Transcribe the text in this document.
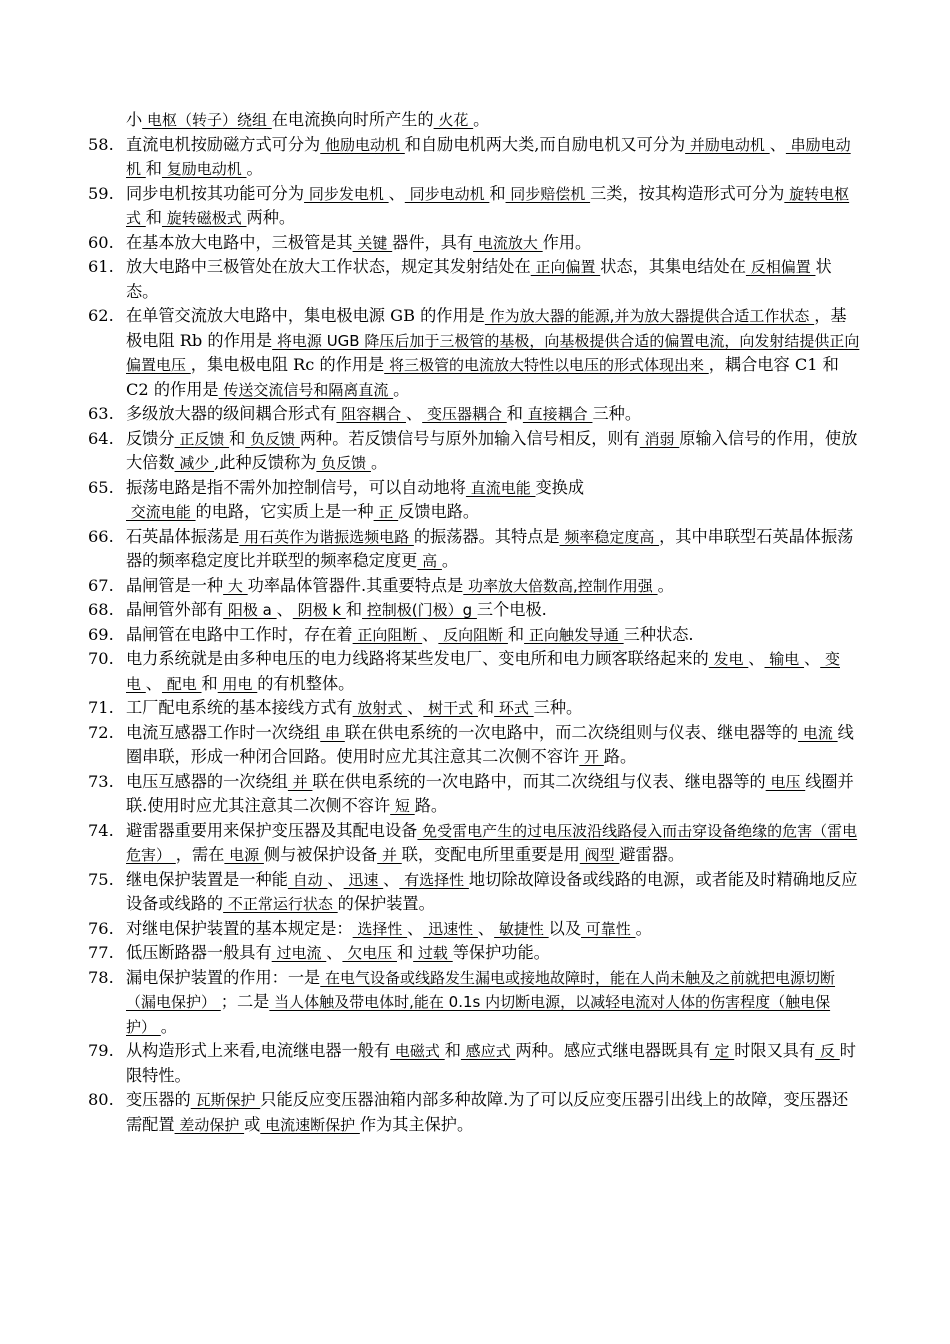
小 电枢（转子）绕组 在电流换向时所产生的 火花 。

58. 直流电机按励磁方式可分为 他励电动机 和自励电机两大类,而自励电机又可分为 并励电动机 、 串励电动机 和 复励电动机 。

59. 同步电机按其功能可分为 同步发电机 、 同步电动机 和 同步赔偿机 三类，按其构造形式可分为 旋转电枢式 和 旋转磁极式 两种。

60. 在基本放大电路中，三极管是其 关键 器件，具有 电流放大 作用。

61. 放大电路中三极管处在放大工作状态，规定其发射结处在 正向偏置 状态，其集电结处在 反相偏置 状态。

62. 在单管交流放大电路中，集电极电源 GB 的作用是 作为放大器的能源,并为放大器提供合适工作状态 ，基极电阻 Rb 的作用是 将电源 UGB 降压后加于三极管的基极，向基极提供合适的偏置电流，向发射结提供正向偏置电压 ，集电极电阻 Rc 的作用是 将三极管的电流放大特性以电压的形式体现出来 ，耦合电容 C1 和 C2 的作用是 传送交流信号和隔离直流 。

63. 多级放大器的级间耦合形式有 阻容耦合 、 变压器耦合 和 直接耦合 三种。

64. 反馈分 正反馈 和 负反馈 两种。若反馈信号与原外加输入信号相反，则有 消弱 原输入信号的作用，使放大倍数 减少 ,此种反馈称为 负反馈 。

65. 振荡电路是指不需外加控制信号，可以自动地将 直流电能 变换成
交流电能 的电路，它实质上是一种 正 反馈电路。

66. 石英晶体振荡是 用石英作为谐振选频电路 的振荡器。其特点是 频率稳定度高 ，其中串联型石英晶体振荡器的频率稳定度比并联型的频率稳定度更 高 。

67. 晶闸管是一种 大 功率晶体管器件.其重要特点是 功率放大倍数高,控制作用强 。

68. 晶闸管外部有 阳极 a 、 阴极 k 和 控制极(门极）g 三个电极.

69. 晶闸管在电路中工作时，存在着 正向阻断 、 反向阻断 和 正向触发导通 三种状态.

70. 电力系统就是由多种电压的电力线路将某些发电厂、变电所和电力顾客联络起来的 发电 、 输电 、 变电 、 配电 和 用电 的有机整体。

71. 工厂配电系统的基本接线方式有 放射式 、 树干式 和 环式 三种。

72. 电流互感器工作时一次绕组 串 联在供电系统的一次电路中，而二次绕组则与仪表、继电器等的 电流 线圈串联，形成一种闭合回路。使用时应尤其注意其二次侧不容许 开 路。

73. 电压互感器的一次绕组 并 联在供电系统的一次电路中，而其二次绕组与仪表、继电器等的 电压 线圈并联.使用时应尤其注意其二次侧不容许 短 路。

74. 避雷器重要用来保护变压器及其配电设备 免受雷电产生的过电压波沿线路侵入而击穿设备绝缘的危害（雷电危害） ，需在 电源 侧与被保护设备 并 联，变配电所里重要是用 阀型 避雷器。

75. 继电保护装置是一种能 自动 、 迅速 、 有选择性 地切除故障设备或线路的电源，或者能及时精确地反应设备或线路的 不正常运行状态 的保护装置。

76. 对继电保护装置的基本规定是： 选择性 、 迅速性 、 敏捷性 以及 可靠性 。

77. 低压断路器一般具有 过电流 、 欠电压 和 过载 等保护功能。

78. 漏电保护装置的作用：一是 在电气设备或线路发生漏电或接地故障时，能在人尚未触及之前就把电源切断（漏电保护） ；二是 当人体触及带电体时,能在 0.1s 内切断电源，以减轻电流对人体的伤害程度（触电保护） 。

79. 从构造形式上来看,电流继电器一般有 电磁式 和 感应式 两种。感应式继电器既具有 定 时限又具有 反 时限特性。

80. 变压器的 瓦斯保护 只能反应变压器油箱内部多种故障.为了可以反应变压器引出线上的故障，变压器还需配置 差动保护 或 电流速断保护 作为其主保护。
